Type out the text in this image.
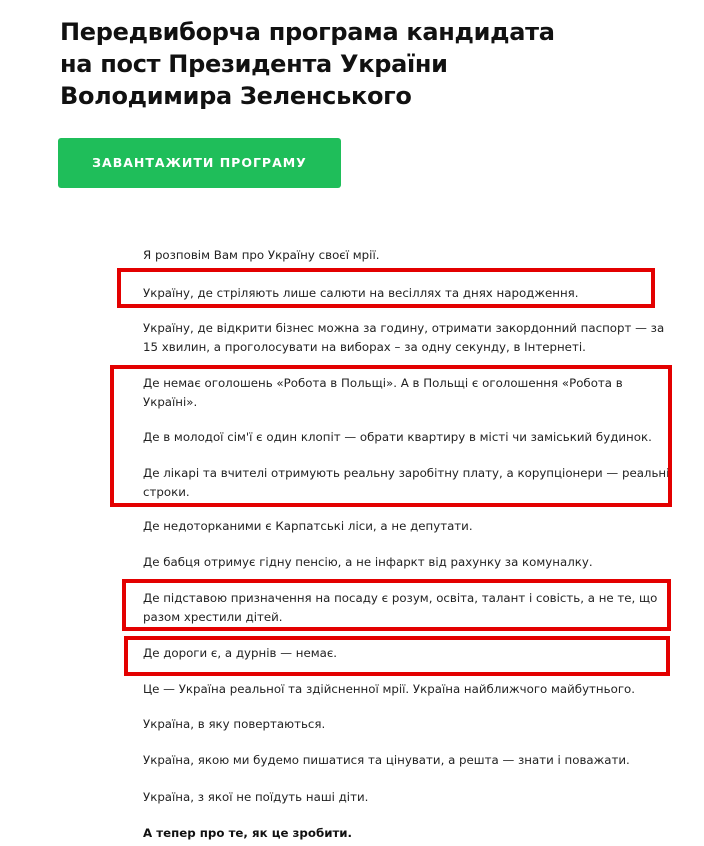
Передвиборча програма кандидата
на пост Президента України
Володимира Зеленського
ЗАВАНТАЖИТИ ПРОГРАМУ

Я розповім Вам про Україну своєї мрії.

Україну, де стріляють лише салюти на весіллях та днях народження.

Україну, де відкрити бізнес можна за годину, отримати закордонний паспорт — за
15 хвилин, а проголосувати на виборах – за одну секунду, в Інтернеті.

Де немає оголошень «Робота в Польщі». А в Польщі є оголошення «Робота в
Україні».

Де в молодої сім'ї є один клопіт — обрати квартиру в місті чи заміський будинок.

Де лікарі та вчителі отримують реальну заробітну плату, а корупціонери — реальні
строки.

Де недоторканими є Карпатські ліси, а не депутати.

Де бабця отримує гідну пенсію, а не інфаркт від рахунку за комуналку.

Де підставою призначення на посаду є розум, освіта, талант і совість, а не те, що
разом хрестили дітей.

Де дороги є, а дурнів — немає.

Це — Україна реальної та здійсненної мрії. Україна найближчого майбутнього.

Україна, в яку повертаються.

Україна, якою ми будемо пишатися та цінувати, а решта — знати і поважати.

Україна, з якої не поїдуть наші діти.

А тепер про те, як це зробити.
